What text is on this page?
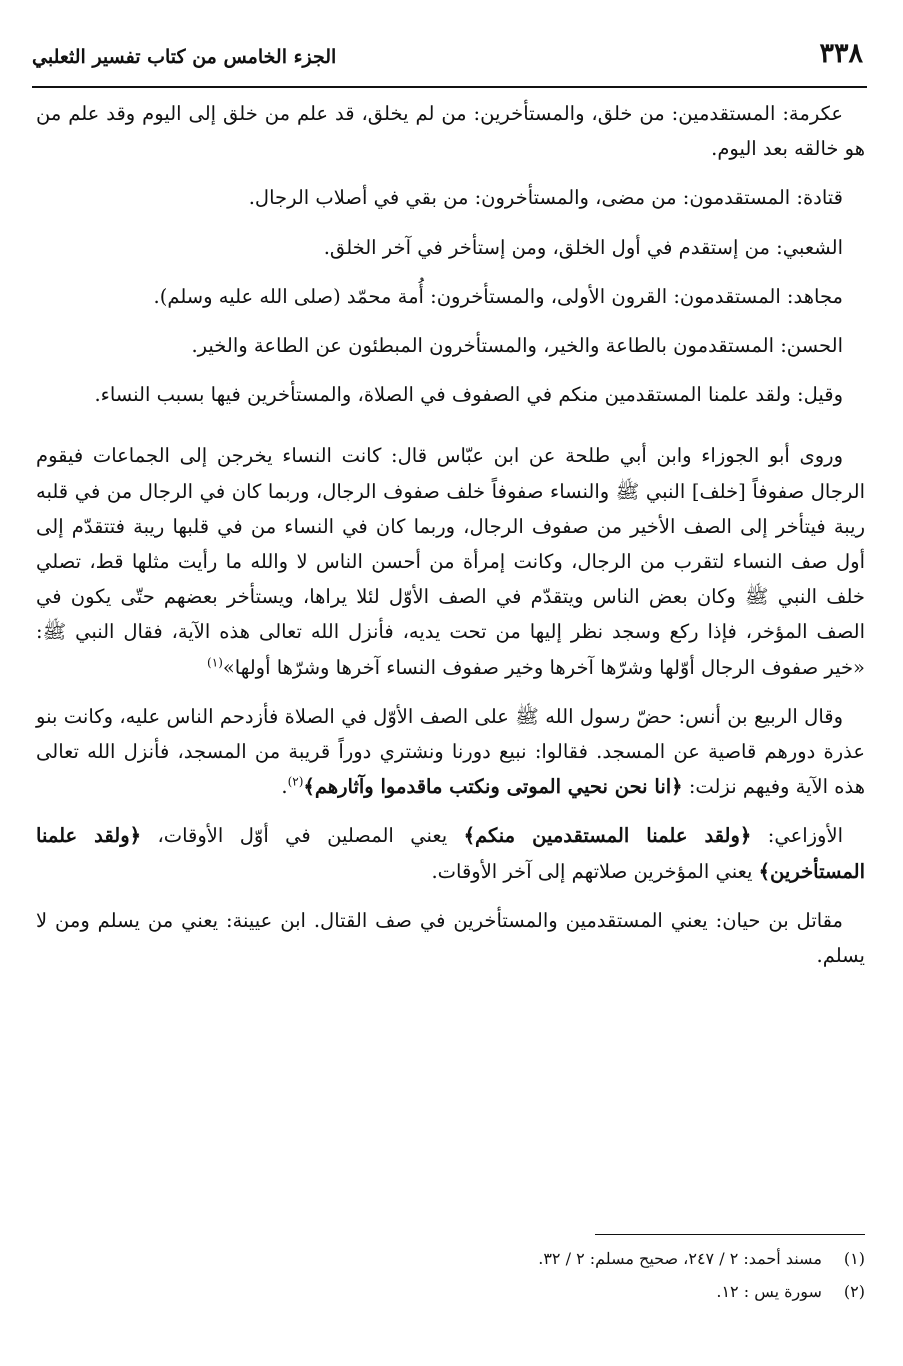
٣٣٨
الجزء الخامس من كتاب تفسير الثعلبي

عكرمة: المستقدمين: من خلق، والمستأخرين: من لم يخلق، قد علم من خلق إلى اليوم وقد علم من هو خالقه بعد اليوم.

قتادة: المستقدمون: من مضى، والمستأخرون: من بقي في أصلاب الرجال.

الشعبي: من إستقدم في أول الخلق، ومن إستأخر في آخر الخلق.

مجاهد: المستقدمون: القرون الأولى، والمستأخرون: أُمة محمّد (صلى الله عليه وسلم).

الحسن: المستقدمون بالطاعة والخير، والمستأخرون المبطئون عن الطاعة والخير.

وقيل: ولقد علمنا المستقدمين منكم في الصفوف في الصلاة، والمستأخرين فيها بسبب النساء.

وروى أبو الجوزاء وابن أبي طلحة عن ابن عبّاس قال: كانت النساء يخرجن إلى الجماعات فيقوم الرجال صفوفاً [خلف] النبي ﷺ والنساء صفوفاً خلف صفوف الرجال، وربما كان في الرجال من في قلبه ريبة فيتأخر إلى الصف الأخير من صفوف الرجال، وربما كان في النساء من في قلبها ريبة فتتقدّم إلى أول صف النساء لتقرب من الرجال، وكانت إمرأة من أحسن الناس لا والله ما رأيت مثلها قط، تصلي خلف النبي ﷺ وكان بعض الناس ويتقدّم في الصف الأوّل لئلا يراها، ويستأخر بعضهم حتّى يكون في الصف المؤخر، فإذا ركع وسجد نظر إليها من تحت يديه، فأنزل الله تعالى هذه الآية، فقال النبي ﷺ: «خير صفوف الرجال أوّلها وشرّها آخرها وخير صفوف النساء آخرها وشرّها أولها»$^{(١)}$

وقال الربيع بن أنس: حضّ رسول الله ﷺ على الصف الأوّل في الصلاة فأزدحم الناس عليه، وكانت بنو عذرة دورهم قاصية عن المسجد. فقالوا: نبيع دورنا ونشتري دوراً قريبة من المسجد، فأنزل الله تعالى هذه الآية وفيهم نزلت: ﴿انا نحن نحيي الموتى ونكتب ماقدموا وآثارهم﴾$^{(٢)}$.

الأوزاعي: ﴿ولقد علمنا المستقدمين منكم﴾ يعني المصلين في أوّل الأوقات، ﴿ولقد علمنا المستأخرين﴾ يعني المؤخرين صلاتهم إلى آخر الأوقات.

مقاتل بن حيان: يعني المستقدمين والمستأخرين في صف القتال. ابن عيينة: يعني من يسلم ومن لا يسلم.

(١) مسند أحمد: ٢ / ٢٤٧، صحيح مسلم: ٢ / ٣٢.

(٢) سورة يس : ١٢.
